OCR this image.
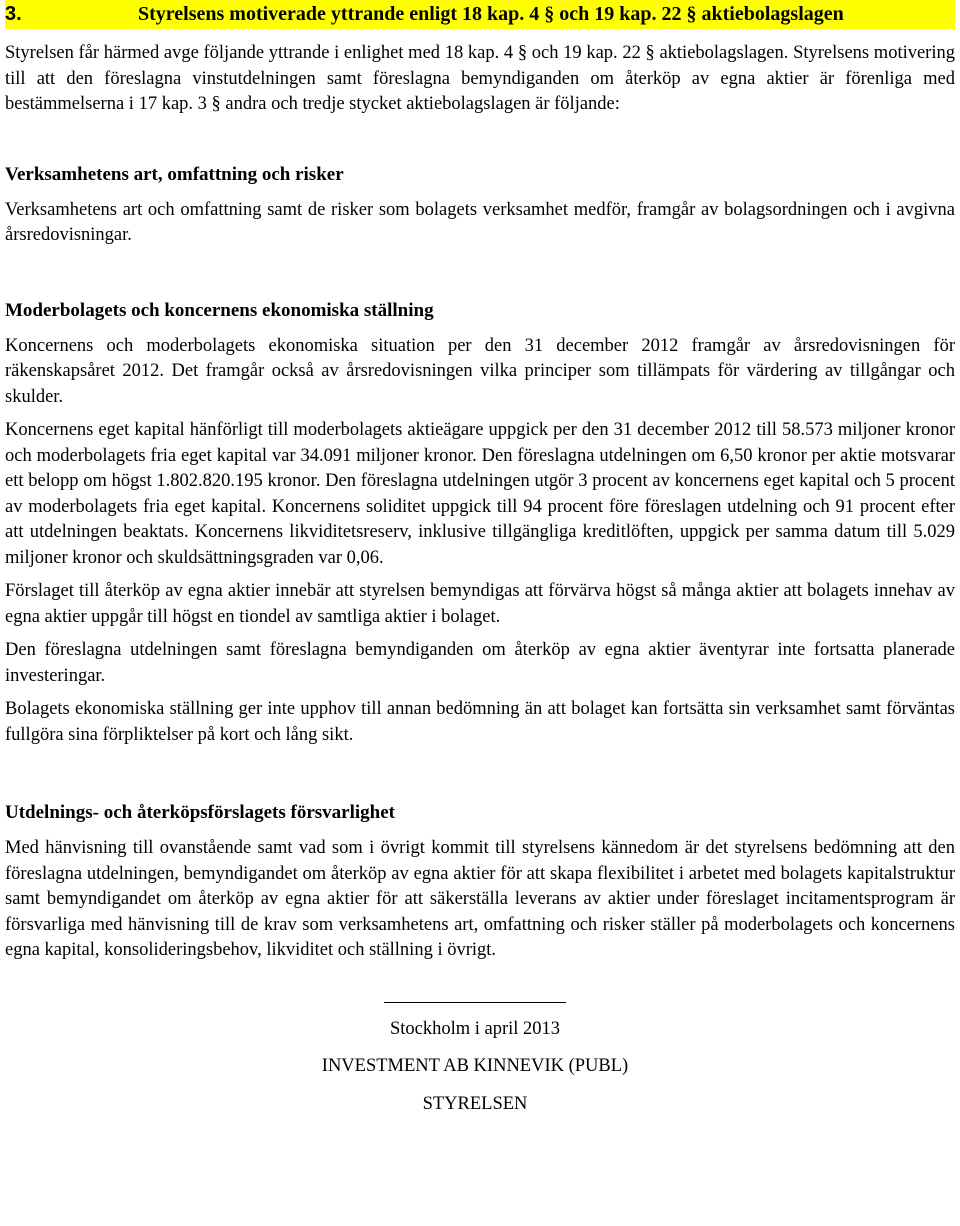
3.	Styrelsens motiverade yttrande enligt 18 kap. 4 § och 19 kap. 22 § aktiebolagslagen

Styrelsen får härmed avge följande yttrande i enlighet med 18 kap. 4 § och 19 kap. 22 § aktiebolagslagen. Styrelsens motivering till att den föreslagna vinstutdelningen samt föreslagna bemyndiganden om återköp av egna aktier är förenliga med bestämmelserna i 17 kap. 3 § andra och tredje stycket aktiebolagslagen är följande:

Verksamhetens art, omfattning och risker

Verksamhetens art och omfattning samt de risker som bolagets verksamhet medför, framgår av bolagsordningen och i avgivna årsredovisningar.

Moderbolagets och koncernens ekonomiska ställning

Koncernens och moderbolagets ekonomiska situation per den 31 december 2012 framgår av årsredovisningen för räkenskapsåret 2012. Det framgår också av årsredovisningen vilka principer som tillämpats för värdering av tillgångar och skulder.

Koncernens eget kapital hänförligt till moderbolagets aktieägare uppgick per den 31 december 2012 till 58.573 miljoner kronor och moderbolagets fria eget kapital var 34.091 miljoner kronor. Den föreslagna utdelningen om 6,50 kronor per aktie motsvarar ett belopp om högst 1.802.820.195 kronor. Den föreslagna utdelningen utgör 3 procent av koncernens eget kapital och 5 procent av moderbolagets fria eget kapital. Koncernens soliditet uppgick till 94 procent före föreslagen utdelning och 91 procent efter att utdelningen beaktats. Koncernens likviditetsreserv, inklusive tillgängliga kreditlöften, uppgick per samma datum till 5.029 miljoner kronor och skuldsättningsgraden var 0,06.

Förslaget till återköp av egna aktier innebär att styrelsen bemyndigas att förvärva högst så många aktier att bolagets innehav av egna aktier uppgår till högst en tiondel av samtliga aktier i bolaget.

Den föreslagna utdelningen samt föreslagna bemyndiganden om återköp av egna aktier äventyrar inte fortsatta planerade investeringar.

Bolagets ekonomiska ställning ger inte upphov till annan bedömning än att bolaget kan fortsätta sin verksamhet samt förväntas fullgöra sina förpliktelser på kort och lång sikt.

Utdelnings- och återköpsförslagets försvarlighet

Med hänvisning till ovanstående samt vad som i övrigt kommit till styrelsens kännedom är det styrelsens bedömning att den föreslagna utdelningen, bemyndigandet om återköp av egna aktier för att skapa flexibilitet i arbetet med bolagets kapitalstruktur samt bemyndigandet om återköp av egna aktier för att säkerställa leverans av aktier under föreslaget incitamentsprogram är försvarliga med hänvisning till de krav som verksamhetens art, omfattning och risker ställer på moderbolagets och koncernens egna kapital, konsolideringsbehov, likviditet och ställning i övrigt.

Stockholm i april 2013
INVESTMENT AB KINNEVIK (PUBL)
STYRELSEN
